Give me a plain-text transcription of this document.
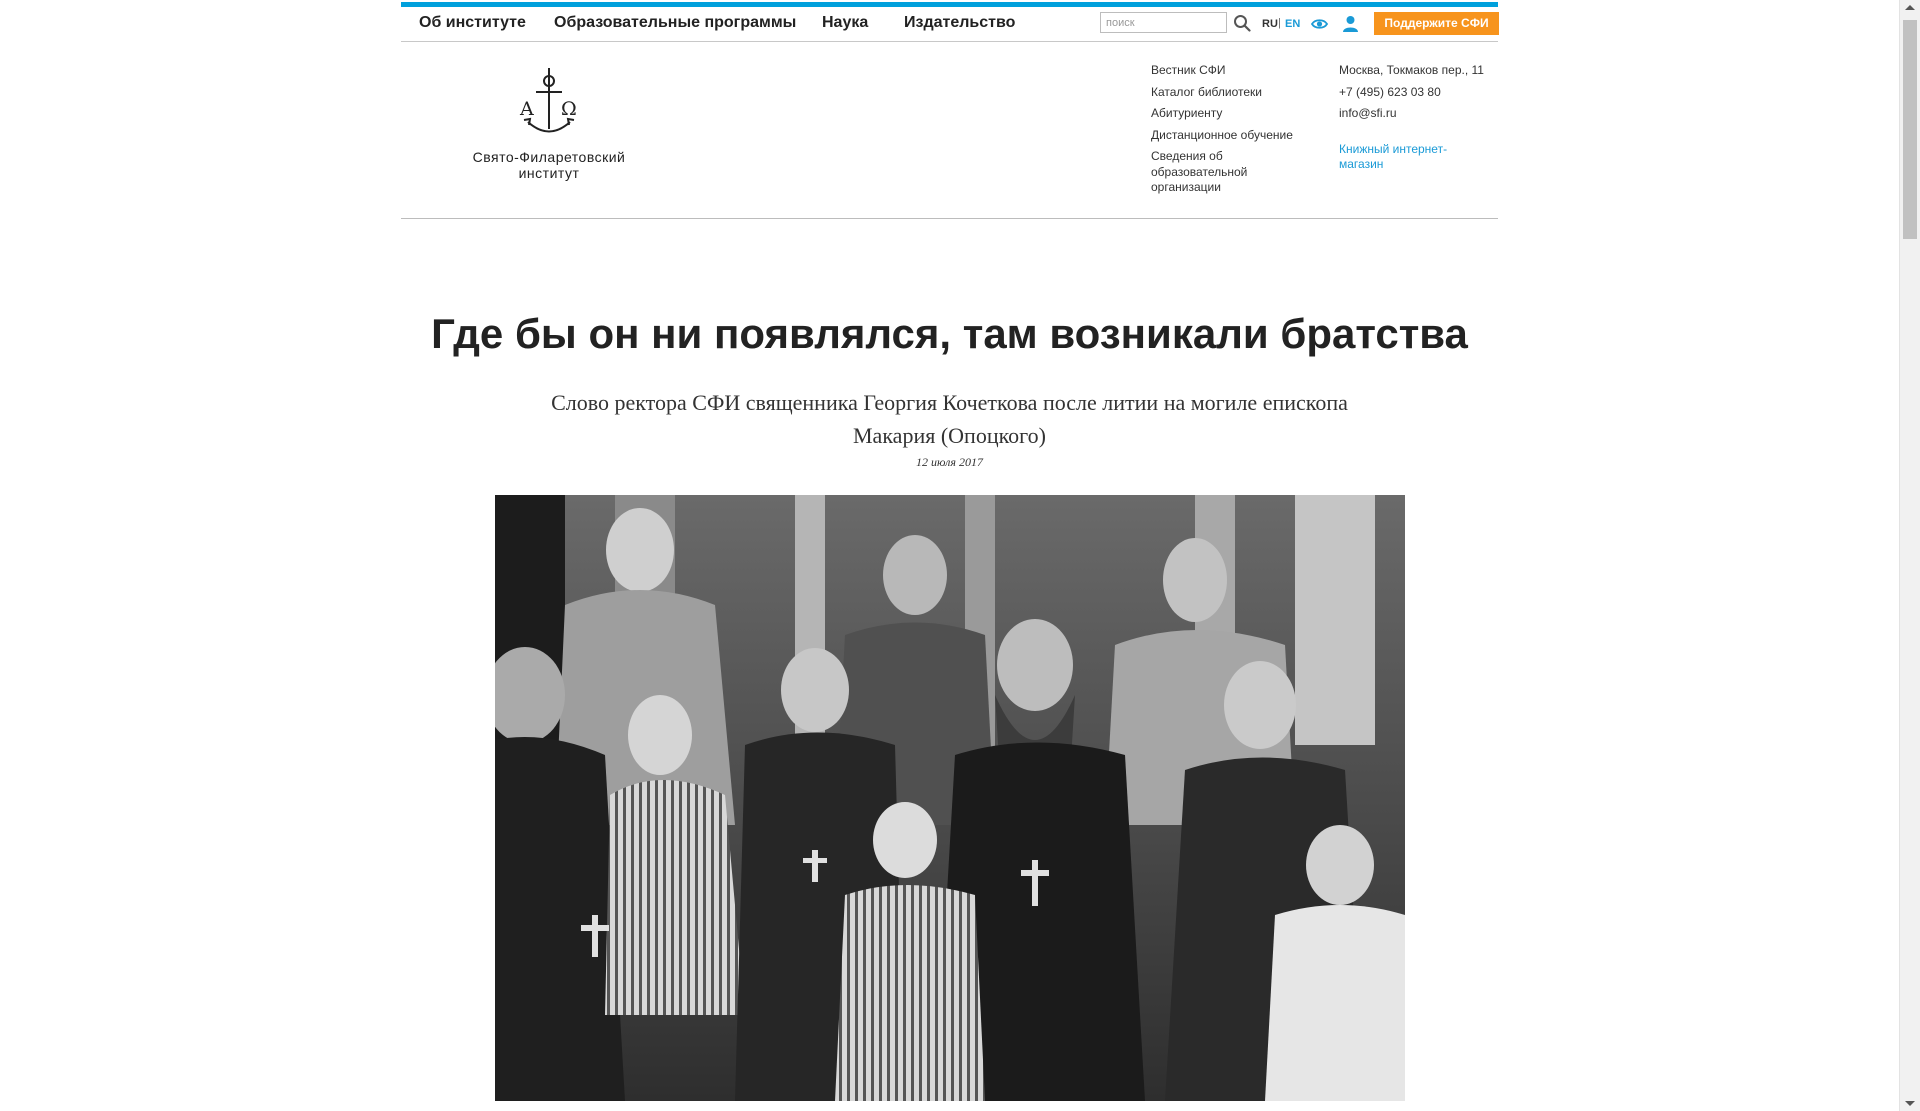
Об институте Образовательные программы Наука Издательство
поиск	RU | EN	Поддержите СФИ
Α Ω
Свято-Филаретовский
институт
Вестник СФИ
Каталог библиотеки
Абитуриенту
Дистанционное обучение
Сведения об образовательной организации
Москва, Токмаков пер., 11
+7 (495) 623 03 80
info@sfi.ru
Книжный интернет-магазин
Где бы он ни появлялся, там возникали братства

Слово ректора СФИ священника Георгия Кочеткова после литии на могиле епископа Макария (Опоцкого)

12 июля 2017
